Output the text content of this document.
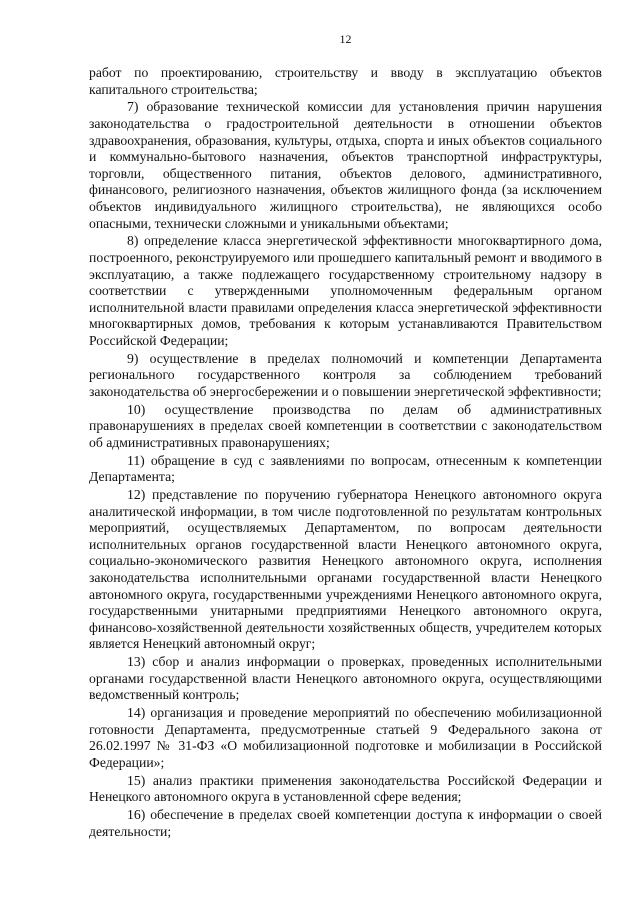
12

работ по проектированию, строительству и вводу в эксплуатацию объектов капитального строительства;

7) образование технической комиссии для установления причин нарушения законодательства о градостроительной деятельности в отношении объектов здравоохранения, образования, культуры, отдыха, спорта и иных объектов социального и коммунально-бытового назначения, объектов транспортной инфраструктуры, торговли, общественного питания, объектов делового, административного, финансового, религиозного назначения, объектов жилищного фонда (за исключением объектов индивидуального жилищного строительства), не являющихся особо опасными, технически сложными и уникальными объектами;

8) определение класса энергетической эффективности многоквартирного дома, построенного, реконструируемого или прошедшего капитальный ремонт и вводимого в эксплуатацию, а также подлежащего государственному строительному надзору в соответствии с утвержденными уполномоченным федеральным органом исполнительной власти правилами определения класса энергетической эффективности многоквартирных домов, требования к которым устанавливаются Правительством Российской Федерации;

9) осуществление в пределах полномочий и компетенции Департамента регионального государственного контроля за соблюдением требований законодательства об энергосбережении и о повышении энергетической эффективности;

10) осуществление производства по делам об административных правонарушениях в пределах своей компетенции в соответствии с законодательством об административных правонарушениях;

11) обращение в суд с заявлениями по вопросам, отнесенным к компетенции Департамента;

12) представление по поручению губернатора Ненецкого автономного округа аналитической информации, в том числе подготовленной по результатам контрольных мероприятий, осуществляемых Департаментом, по вопросам деятельности исполнительных органов государственной власти Ненецкого автономного округа, социально-экономического развития Ненецкого автономного округа, исполнения законодательства исполнительными органами государственной власти Ненецкого автономного округа, государственными учреждениями Ненецкого автономного округа, государственными унитарными предприятиями Ненецкого автономного округа, финансово-хозяйственной деятельности хозяйственных обществ, учредителем которых является Ненецкий автономный округ;

13) сбор и анализ информации о проверках, проведенных исполнительными органами государственной власти Ненецкого автономного округа, осуществляющими ведомственный контроль;

14) организация и проведение мероприятий по обеспечению мобилизационной готовности Департамента, предусмотренные статьей 9 Федерального закона от 26.02.1997 № 31-ФЗ «О мобилизационной подготовке и мобилизации в Российской Федерации»;

15) анализ практики применения законодательства Российской Федерации и Ненецкого автономного округа в установленной сфере ведения;

16) обеспечение в пределах своей компетенции доступа к информации о своей деятельности;
